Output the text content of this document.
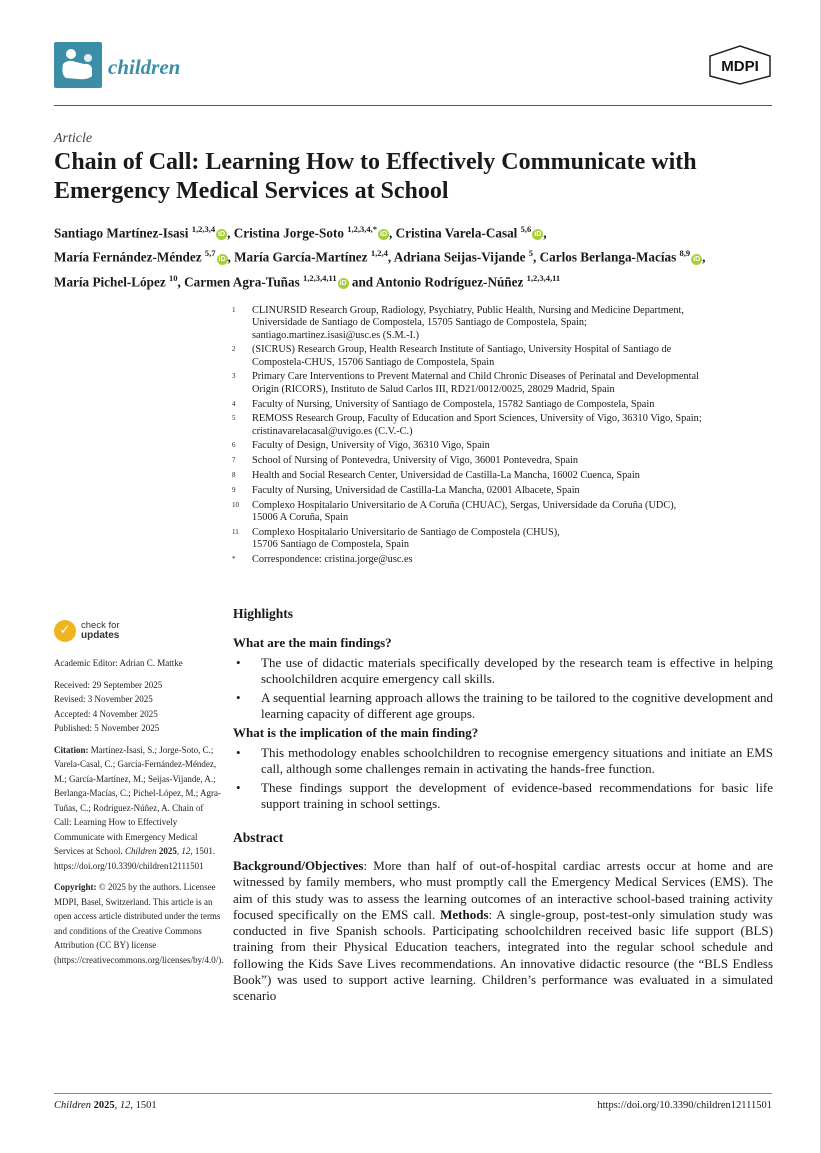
children	MDPI
Article
Chain of Call: Learning How to Effectively Communicate with Emergency Medical Services at School
Santiago Martínez-Isasi $^{1,2,3,4}$iD , Cristina Jorge-Soto $^{1,2,3,4,*}$iD , Cristina Varela-Casal $^{5,6}$iD ,
María Fernández-Méndez $^{5,7}$iD , María García-Martínez $^{1,2,4}$, Adriana Seijas-Vijande $^5$, Carlos Berlanga-Macías $^{8,9}$iD ,
María Pichel-López $^{10}$, Carmen Agra-Tuñas $^{1,2,3,4,11}$iD and Antonio Rodríguez-Núñez $^{1,2,3,4,11}$
1 CLINURSID Research Group, Radiology, Psychiatry, Public Health, Nursing and Medicine Department,
Universidade de Santiago de Compostela, 15705 Santiago de Compostela, Spain;
santiago.martinez.isasi@usc.es (S.M.-I.)
2 (SICRUS) Research Group, Health Research Institute of Santiago, University Hospital of Santiago de
Compostela-CHUS, 15706 Santiago de Compostela, Spain
3 Primary Care Interventions to Prevent Maternal and Child Chronic Diseases of Perinatal and Developmental
Origin (RICORS), Instituto de Salud Carlos III, RD21/0012/0025, 28029 Madrid, Spain
4 Faculty of Nursing, University of Santiago de Compostela, 15782 Santiago de Compostela, Spain
5 REMOSS Research Group, Faculty of Education and Sport Sciences, University of Vigo, 36310 Vigo, Spain;
cristinavarelacasal@uvigo.es (C.V.-C.)
6 Faculty of Design, University of Vigo, 36310 Vigo, Spain
7 School of Nursing of Pontevedra, University of Vigo, 36001 Pontevedra, Spain
8 Health and Social Research Center, Universidad de Castilla-La Mancha, 16002 Cuenca, Spain
9 Faculty of Nursing, Universidad de Castilla-La Mancha, 02001 Albacete, Spain
10 Complexo Hospitalario Universitario de A Coruña (CHUAC), Sergas, Universidade da Coruña (UDC),
15006 A Coruña, Spain
11 Complexo Hospitalario Universitario de Santiago de Compostela (CHUS),
15706 Santiago de Compostela, Spain
* Correspondence: cristina.jorge@usc.es
✓	check for
updates
Academic Editor: Adrian C. Mattke
Received: 29 September 2025
Revised: 3 November 2025
Accepted: 4 November 2025
Published: 5 November 2025
Citation: Martínez-Isasi, S.; Jorge-Soto, C.; Varela-Casal, C.; García-Fernández-Méndez, M.; García-Martínez, M.; Seijas-Vijande, A.; Berlanga-Macías, C.; Pichel-López, M.; Agra-Tuñas, C.; Rodríguez-Núñez, A. Chain of Call: Learning How to Effectively Communicate with Emergency Medical Services at School. Children 2025, 12, 1501. https://doi.org/10.3390/children12111501
Copyright: © 2025 by the authors. Licensee MDPI, Basel, Switzerland. This article is an open access article distributed under the terms and conditions of the Creative Commons Attribution (CC BY) license (https://creativecommons.org/licenses/by/4.0/).
Highlights
What are the main findings?
• The use of didactic materials specifically developed by the research team is effective in helping schoolchildren acquire emergency call skills.
• A sequential learning approach allows the training to be tailored to the cognitive development and learning capacity of different age groups.
What is the implication of the main finding?
• This methodology enables schoolchildren to recognise emergency situations and initiate an EMS call, although some challenges remain in activating the hands-free function.
• These findings support the development of evidence-based recommendations for basic life support training in school settings.
Abstract

Background/Objectives: More than half of out-of-hospital cardiac arrests occur at home and are witnessed by family members, who must promptly call the Emergency Medical Services (EMS). The aim of this study was to assess the learning outcomes of an interactive school-based training activity focused specifically on the EMS call. Methods: A single-group, post-test-only simulation study was conducted in five Spanish schools. Participating schoolchildren received basic life support (BLS) training from their Physical Education teachers, integrated into the regular school schedule and following the Kids Save Lives recommendations. An innovative didactic resource (the “BLS Endless Book”) was used to support active learning. Children’s performance was evaluated in a simulated scenario

Children 2025, 12, 1501	https://doi.org/10.3390/children12111501
